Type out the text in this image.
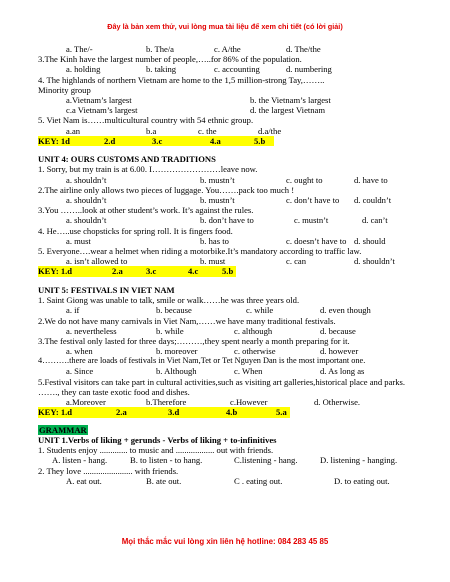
Đây là bản xem thử, vui lòng mua tài liệu để xem chi tiết (có lời giải)
a. The/-	b. The/a	c. A/the	d. The/the
3.The Kinh have the largest number of people,…..for 86% of the population.
a. holding	b. taking	c. accounting	d. numbering
4. The highlands of northern Vietnam are home to the 1,5 million-strong Tay,……..
Minority group
a.Vietnam’s largest	b. the Vietnam’s largest
c.a Vietnam’s largest	d. the largest Vietnam
5. Viet Nam is……multicultural country with 54 ethnic group.
a.an	b.a	c. the	d.a/the
KEY: 1d	2.d	3.c	4.a	5.b
UNIT 4: OURS CUSTOMS AND TRADITIONS
1. Sorry, but my train is at 6.00. I……………………leave now.
a. shouldn’t	b. mustn’t	c. ought to	d. have to
2.The airline only allows two pieces of luggage. You…….pack too much !
a. shouldn’t	b. mustn’t	c. don’t have to d. couldn’t
3.You ……..look at other student’s work. It’s against the rules.
a. shouldn’t	b. don’t have to	c. mustn’t	d. can’t
4. He…..use chopsticks for spring roll. It is fingers food.
a. must	b. has to	c. doesn’t have to d. should
5. Everyone….wear a helmet when riding a motorbike.It’s mandatory according to traffic law.
a. isn’t allowed to	b. must	c. can	d. shouldn’t
KEY: 1.d	2.a	3.c	4.c	5.b
UNIT 5: FESTIVALS IN VIET NAM
1. Saint Giong was unable to talk, smile or walk……he was three years old.
a. if	b. because	c. while	d. even though
2.We do not have many carnivals in Viet Nam,……we have many traditional festivals.
a. nevertheless	b. while	c. although	d. because
3.The festival only lasted for three days;………,they spent nearly a month preparing for it.
a. when	b. moreover	c. otherwise	d. however
4……….there are loads of festivals in Viet Nam,Tet or Tet Nguyen Dan is the most important one.
a. Since	b. Although	c. When	d. As long as
5.Festival visitors can take part in cultural activities,such as visiting art galleries,historical place and parks. ……., they can taste exotic food and dishes.
a.Moreover	b.Therefore	c.However	d. Otherwise.
KEY: 1.d	2.a	3.d	4.b	5.a
GRAMMAR
UNIT 1.Verbs of liking + gerunds - Verbs of liking + to-infinitives
1. Students enjoy ............. to music and .................. out with friends.
A. listen - hang.	B. to listen - to hang.	C.listening - hang.	D. listening - hanging.
2. They love ....................... with friends.
A. eat out.	B. ate out.	C . eating out.	D. to eating out.
Mọi thắc mắc vui lòng xin liên hệ hotline: 084 283 45 85
